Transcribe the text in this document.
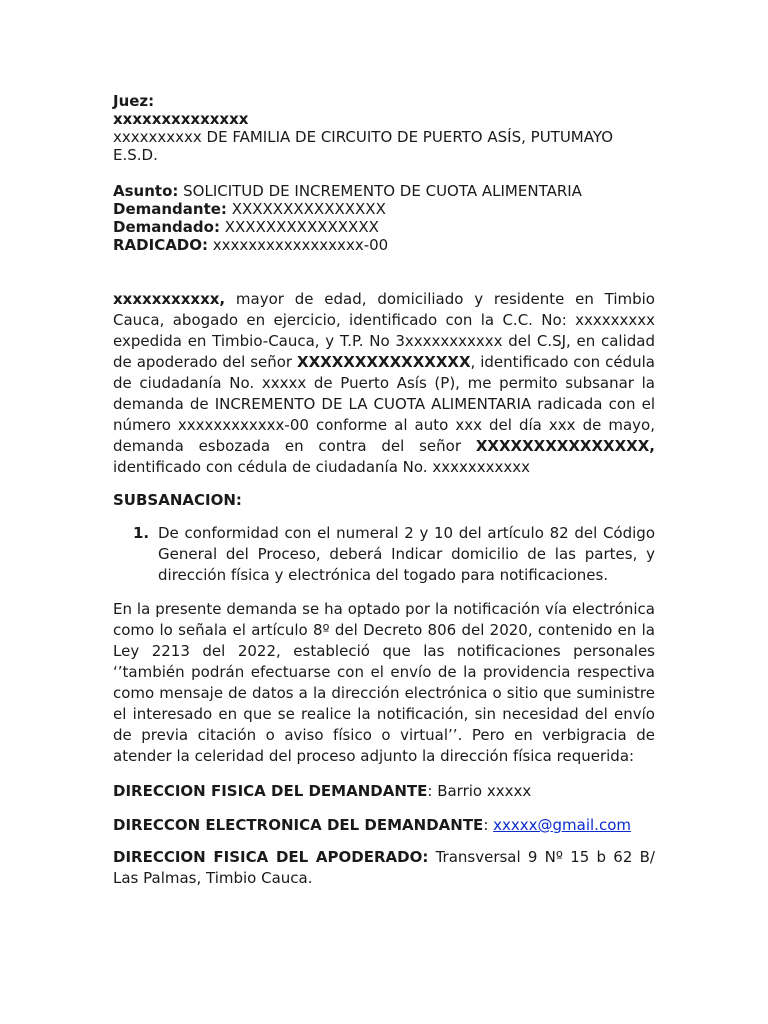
Juez:
xxxxxxxxxxxxxx
xxxxxxxxxx DE FAMILIA DE CIRCUITO DE PUERTO ASÍS, PUTUMAYO
E.S.D.
Asunto: SOLICITUD DE INCREMENTO DE CUOTA ALIMENTARIA
Demandante: XXXXXXXXXXXXXXX
Demandado: XXXXXXXXXXXXXXX
RADICADO: xxxxxxxxxxxxxxxxx-00

xxxxxxxxxxx, mayor de edad, domiciliado y residente en Timbio Cauca, abogado en ejercicio, identificado con la C.C. No: xxxxxxxxx expedida en Timbio-Cauca, y T.P. No 3xxxxxxxxxxx del C.SJ, en calidad de apoderado del señor XXXXXXXXXXXXXXX, identificado con cédula de ciudadanía No. xxxxx de Puerto Asís (P), me permito subsanar la demanda de INCREMENTO DE LA CUOTA ALIMENTARIA radicada con el número xxxxxxxxxxxx-00 conforme al auto xxx del día xxx de mayo, demanda esbozada en contra del señor XXXXXXXXXXXXXXX, identificado con cédula de ciudadanía No. xxxxxxxxxxx

SUBSANACION:
1. De conformidad con el numeral 2 y 10 del artículo 82 del Código General del Proceso, deberá Indicar domicilio de las partes, y dirección física y electrónica del togado para notificaciones.

En la presente demanda se ha optado por la notificación vía electrónica como lo señala el artículo 8º del Decreto 806 del 2020, contenido en la Ley 2213 del 2022, estableció que las notificaciones personales ‘’también podrán efectuarse con el envío de la providencia respectiva como mensaje de datos a la dirección electrónica o sitio que suministre el interesado en que se realice la notificación, sin necesidad del envío de previa citación o aviso físico o virtual’’. Pero en verbigracia de atender la celeridad del proceso adjunto la dirección física requerida:

DIRECCION FISICA DEL DEMANDANTE: Barrio xxxxx
DIRECCON ELECTRONICA DEL DEMANDANTE: xxxxx@gmail.com

DIRECCION FISICA DEL APODERADO: Transversal 9 Nº 15 b 62 B/ Las Palmas, Timbio Cauca.
